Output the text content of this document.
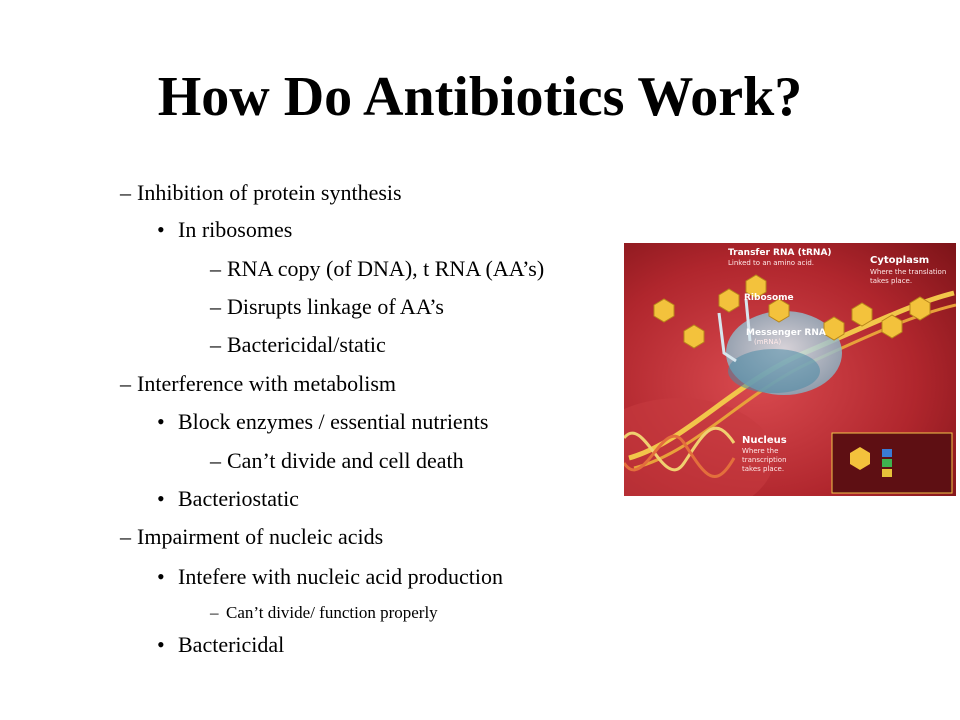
How Do Antibiotics Work?
– Inhibition of protein synthesis
• In ribosomes
– RNA copy (of DNA), t RNA (AA’s)
– Disrupts linkage of AA’s
– Bactericidal/static
– Interference with metabolism
• Block enzymes / essential nutrients
– Can’t divide and cell death
• Bacteriostatic
– Impairment of nucleic acids
• Intefere with nucleic acid production
– Can’t divide/ function properly
• Bactericidal
Cytoplasm
Where the translation
takes place.
Transfer RNA (tRNA)
Linked to an amino acid.
Ribosome
Messenger RNA
(mRNA)
Nucleus
Where the
transcription
takes place.
